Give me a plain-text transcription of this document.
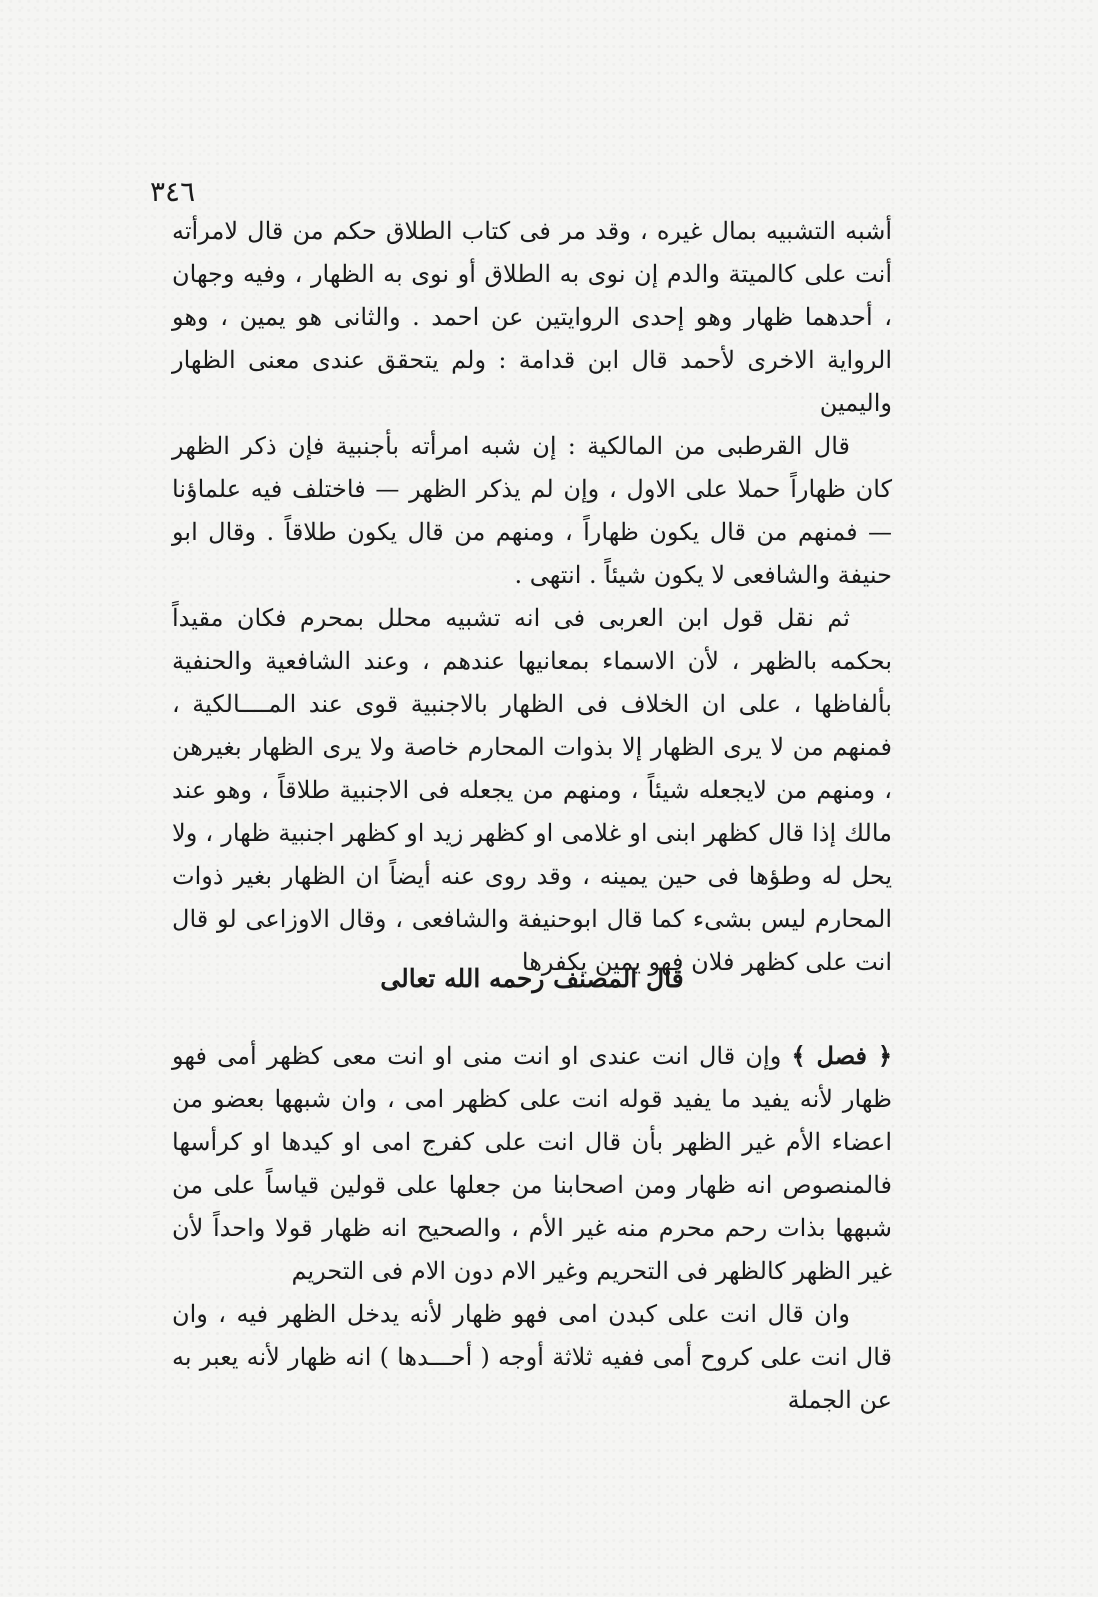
٣٤٦

أشبه التشبيه بمال غيره ، وقد مر فى كتاب الطلاق حكم من قال لامرأته أنت على كالميتة والدم إن نوى به الطلاق أو نوى به الظهار ، وفيه وجهان ، أحدهما ظهار وهو إحدى الروايتين عن احمد . والثانى هو يمين ، وهو الرواية الاخرى لأحمد قال ابن قدامة : ولم يتحقق عندى معنى الظهار واليمين

قال القرطبى من المالكية : إن شبه امرأته بأجنبية فإن ذكر الظهر كان ظهاراً حملا على الاول ، وإن لم يذكر الظهر — فاختلف فيه علماؤنا — فمنهم من قال يكون ظهاراً ، ومنهم من قال يكون طلاقاً . وقال ابو حنيفة والشافعى لا يكون شيئاً . انتهى .

ثم نقل قول ابن العربى فى انه تشبيه محلل بمحرم فكان مقيداً بحكمه بالظهر ، لأن الاسماء بمعانيها عندهم ، وعند الشافعية والحنفية بألفاظها ، على ان الخلاف فى الظهار بالاجنبية قوى عند المــــالكية ، فمنهم من لا يرى الظهار إلا بذوات المحارم خاصة ولا يرى الظهار بغيرهن ، ومنهم من لايجعله شيئاً ، ومنهم من يجعله فى الاجنبية طلاقاً ، وهو عند مالك إذا قال كظهر ابنى او غلامى او كظهر زيد او كظهر اجنبية ظهار ، ولا يحل له وطؤها فى حين يمينه ، وقد روى عنه أيضاً ان الظهار بغير ذوات المحارم ليس بشىء كما قال ابوحنيفة والشافعى ، وقال الاوزاعى لو قال انت على كظهر فلان فهو يمين يكفرها

قال المصنف رحمه الله تعالى

﴿ فصل ﴾ وإن قال انت عندى او انت منى او انت معى كظهر أمى فهو ظهار لأنه يفيد ما يفيد قوله انت على كظهر امى ، وان شبهها بعضو من اعضاء الأم غير الظهر بأن قال انت على كفرج امى او كيدها او كرأسها فالمنصوص انه ظهار ومن اصحابنا من جعلها على قولين قياساً على من شبهها بذات رحم محرم منه غير الأم ، والصحيح انه ظهار قولا واحداً لأن غير الظهر كالظهر فى التحريم وغير الام دون الام فى التحريم

وان قال انت على كبدن امى فهو ظهار لأنه يدخل الظهر فيه ، وان قال انت على كروح أمى ففيه ثلاثة أوجه ( أحـــدها ) انه ظهار لأنه يعبر به عن الجملة
